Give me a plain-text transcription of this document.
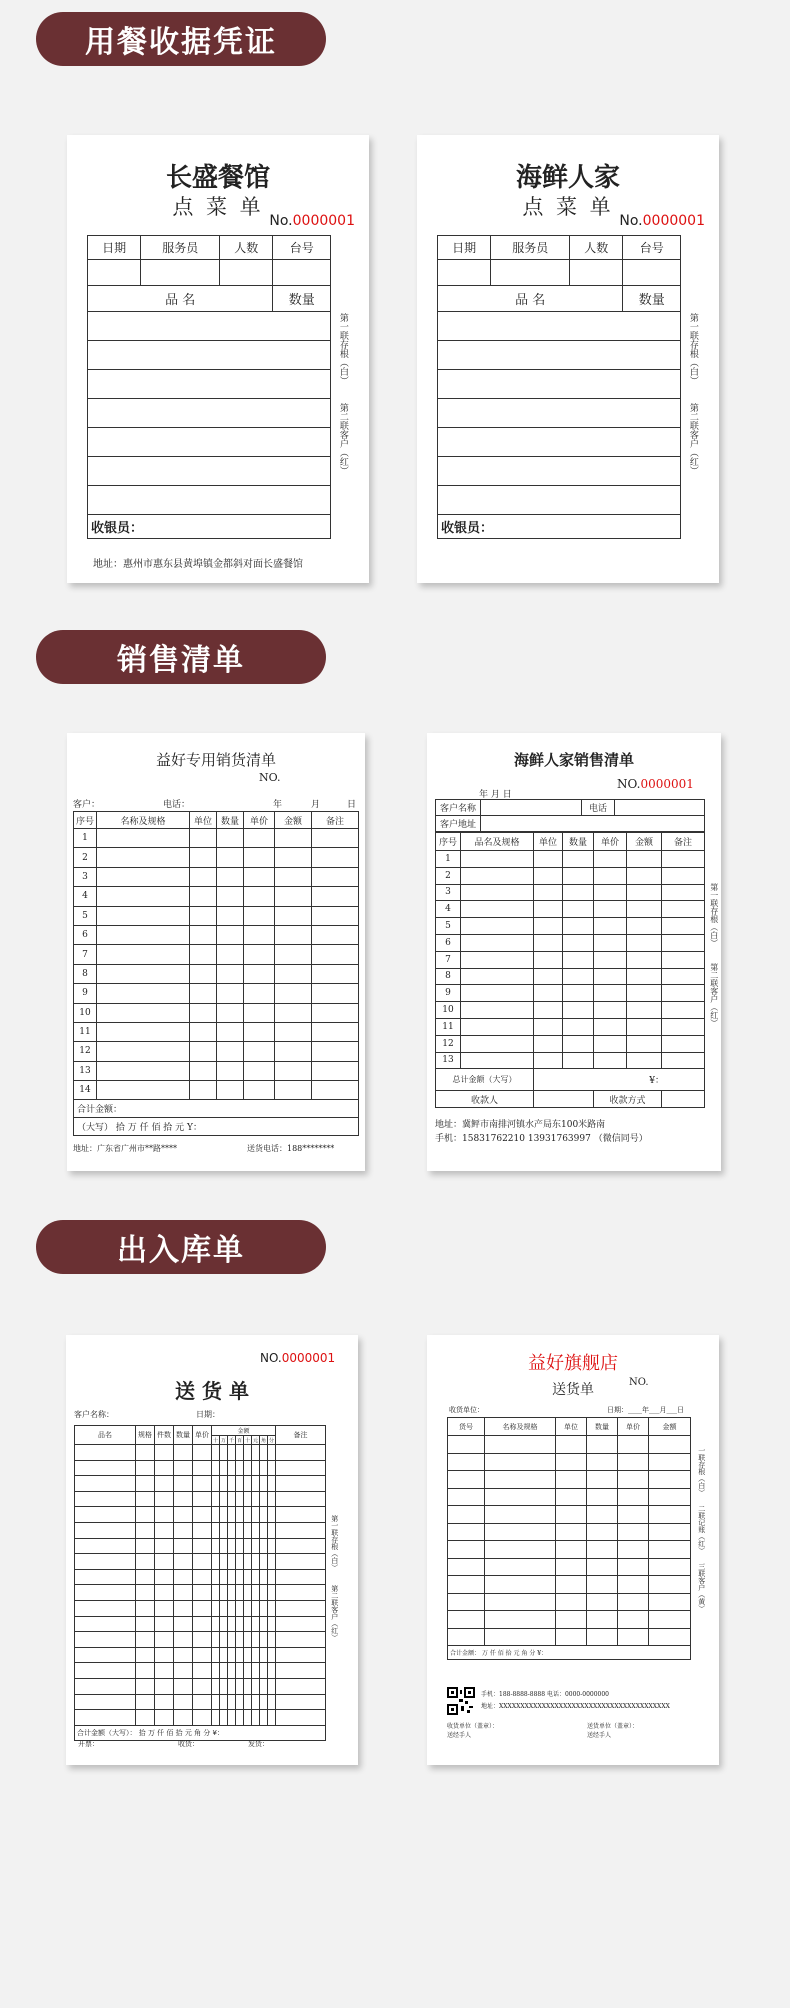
用餐收据凭证
销售清单
出入库单
长盛餐馆
点 菜 单
No.0000001
日期	服务员	人数	台号

品 名			数量

收银员：			
第一联存根（白）
第二联客户（红）
地址：惠州市惠东县黄埠镇金都斜对面长盛餐馆
海鲜人家
点 菜 单
No.0000001
日期	服务员	人数	台号

品 名			数量

收银员：			
第一联存根（白）
第二联客户（红）
益好专用销货清单
NO.
客户：	电话：	年	月	日
序号	名称及规格	单位	数量	单价	金额	备注
1						
2						
3						
4						
5						
6						
7						
8						
9						
10						
11						
12						
13						
14						
合计金额：						
（大写） 拾 万 仟 佰 拾 元 Y：						
地址：广东省广州市**路****	送货电话：188********
海鲜人家销售清单
年 月 日
NO.0000001
客户名称		电话	
客户地址			
序号	品名及规格	单位	数量	单价	金额	备注
1						
2						
3						
4						
5						
6						
7						
8						
9						
10						
11						
12						
13						
总计金额（大写）		¥：				
收款人				收款方式		
第一联存根（白）
第二联客户（红）
地址：冀鲆市南排河镇水产局东100米路南
手机：15831762210 13931763997 （微信同号）
NO.0000001
送 货 单
客户名称：	日期：
品名	规格	件数	数量	单价	金额								备注
					十	万	千	百	十	元	角	分	

合计金额（大写）： 拾 万 仟 佰 拾 元 角 分 ¥：													
第一联存根（白）
第二联客户（红）
开票：	收货：	发货：
益好旗舰店
送货单	NO.
收货单位：	日期：____年___月___日
货号	名称及规格	单位	数量	单价	金额

合计金额： 万 仟 佰 拾 元 角 分 ¥：					
一联存根（白）
二联记账（红）
三联客户（黄）
手机：188-8888-8888 电话：0000-0000000
地址：XXXXXXXXXXXXXXXXXXXXXXXXXXXXXXXXXXXXXXXX
收货单位（盖章）：
送经手人
送货单位（盖章）：
送经手人
